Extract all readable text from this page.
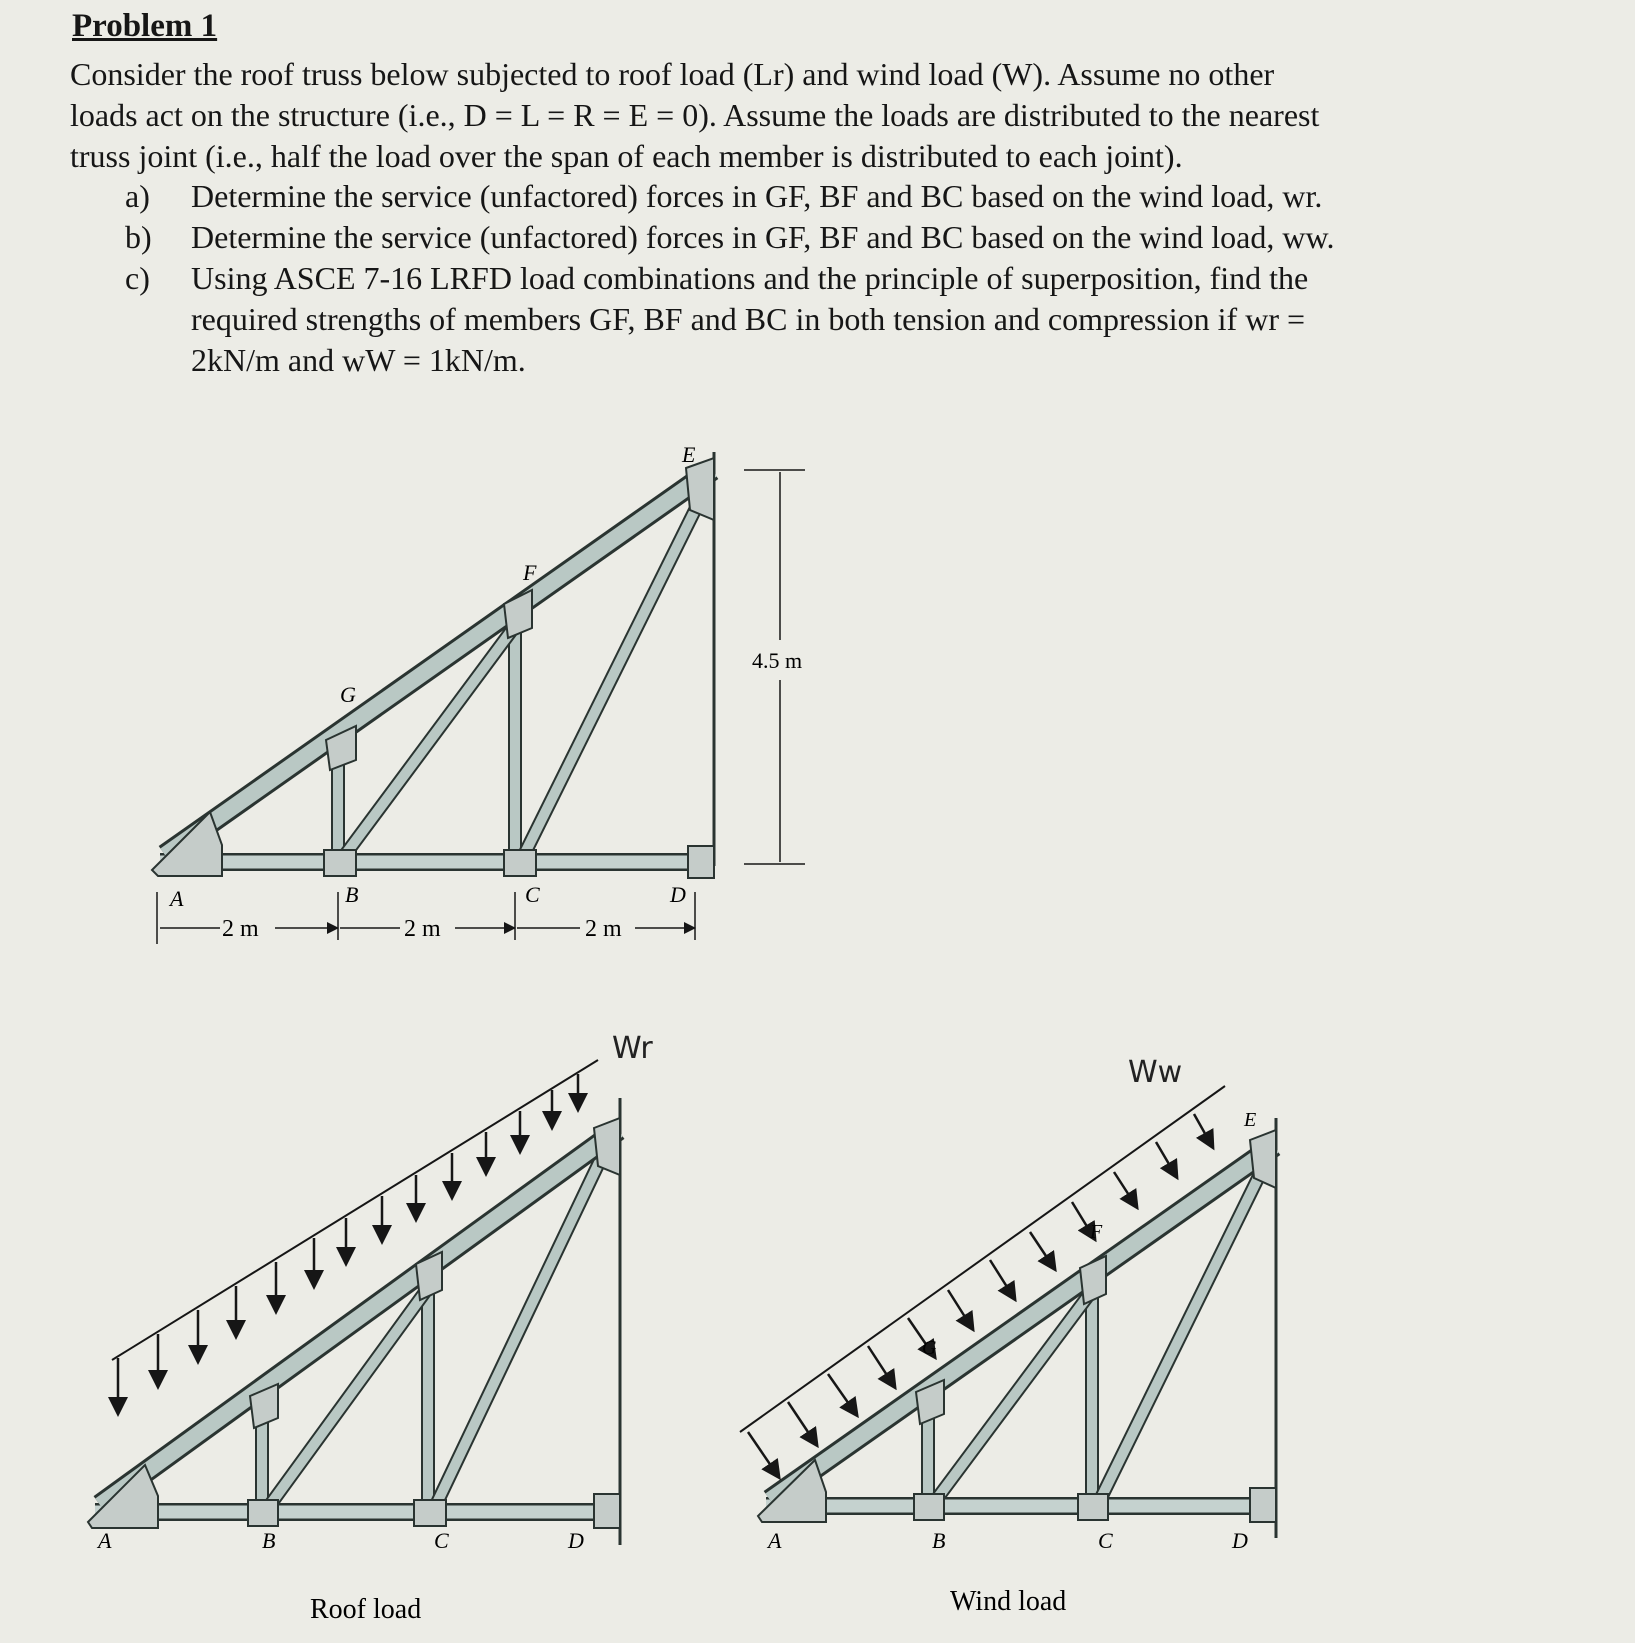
Problem 1

Consider the roof truss below subjected to roof load (Lr) and wind load (W). Assume no other

loads act on the structure (i.e., D = L = R = E = 0). Assume the loads are distributed to the nearest

truss joint (i.e., half the load over the span of each member is distributed to each joint).

a) Determine the service (unfactored) forces in GF, BF and BC based on the wind load, wr.
b) Determine the service (unfactored) forces in GF, BF and BC based on the wind load, ww.
c) Using ASCE 7-16 LRFD load combinations and the principle of superposition, find the
required strengths of members GF, BF and BC in both tension and compression if wr =
2kN/m and wW = 1kN/m.
A	B	C	D
E
F
G
2 m	2 m	2 m
4.5 m
Wr
A	B	C	D
Roof load
Ww
G
F
E
A	B	C	D
Wind load
